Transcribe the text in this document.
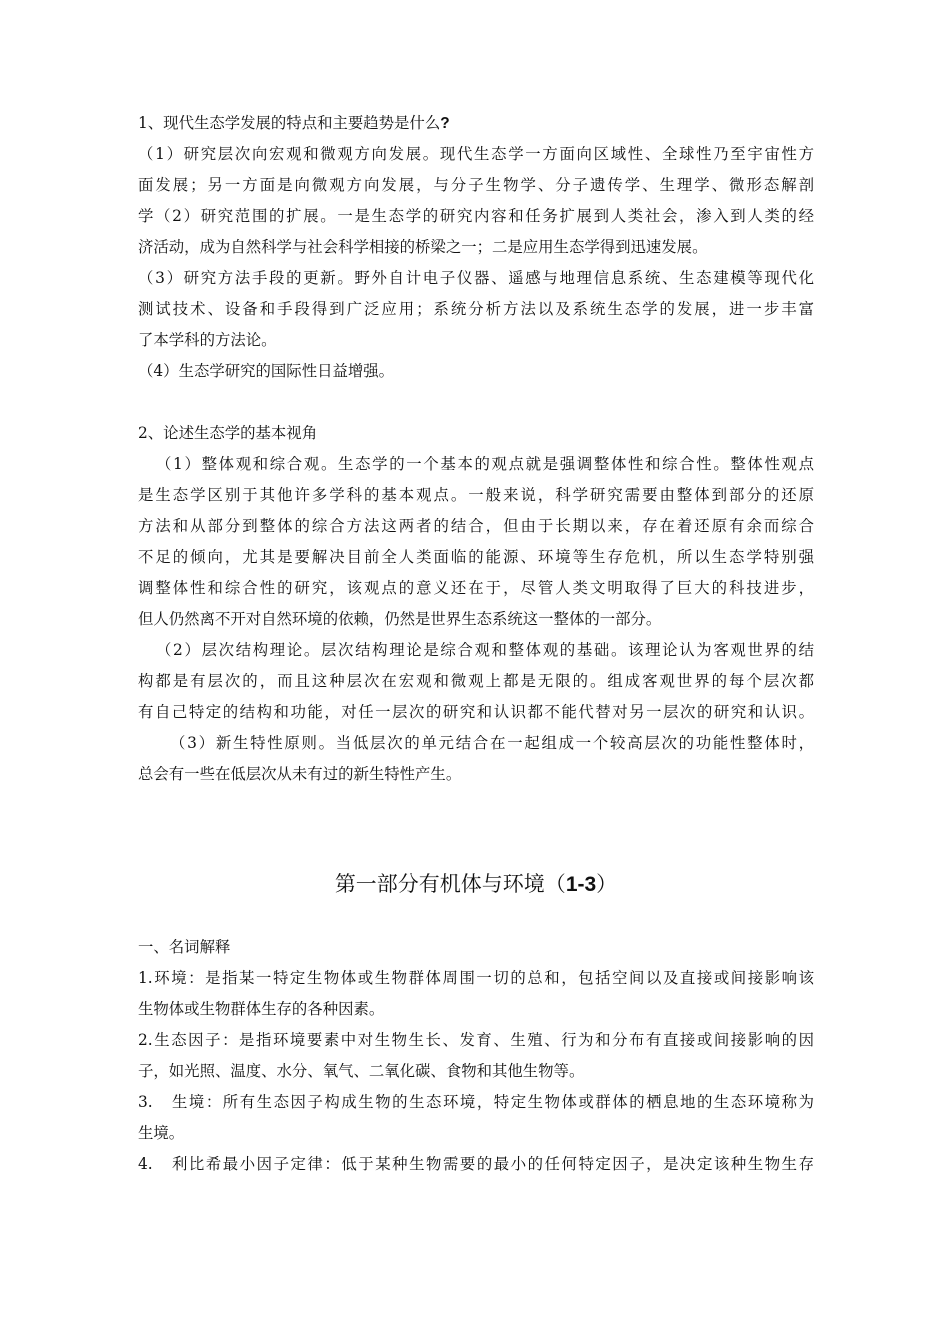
1、现代生态学发展的特点和主要趋势是什么?
（1）研究层次向宏观和微观方向发展。现代生态学一方面向区域性、全球性乃至宇宙性方
面发展；另一方面是向微观方向发展，与分子生物学、分子遗传学、生理学、微形态解剖
学（2）研究范围的扩展。一是生态学的研究内容和任务扩展到人类社会，渗入到人类的经
济活动，成为自然科学与社会科学相接的桥梁之一；二是应用生态学得到迅速发展。
（3）研究方法手段的更新。野外自计电子仪器、遥感与地理信息系统、生态建模等现代化
测试技术、设备和手段得到广泛应用；系统分析方法以及系统生态学的发展，进一步丰富
了本学科的方法论。
（4）生态学研究的国际性日益增强。
2、论述生态学的基本视角
（1）整体观和综合观。生态学的一个基本的观点就是强调整体性和综合性。整体性观点
是生态学区别于其他许多学科的基本观点。一般来说，科学研究需要由整体到部分的还原
方法和从部分到整体的综合方法这两者的结合，但由于长期以来，存在着还原有余而综合
不足的倾向，尤其是要解决目前全人类面临的能源、环境等生存危机，所以生态学特别强
调整体性和综合性的研究，该观点的意义还在于，尽管人类文明取得了巨大的科技进步，
但人仍然离不开对自然环境的依赖，仍然是世界生态系统这一整体的一部分。
（2）层次结构理论。层次结构理论是综合观和整体观的基础。该理论认为客观世界的结
构都是有层次的，而且这种层次在宏观和微观上都是无限的。组成客观世界的每个层次都
有自己特定的结构和功能，对任一层次的研究和认识都不能代替对另一层次的研究和认识。
（3）新生特性原则。当低层次的单元结合在一起组成一个较高层次的功能性整体时，
总会有一些在低层次从未有过的新生特性产生。
第一部分有机体与环境（1-3）
一、名词解释
1.环境：是指某一特定生物体或生物群体周围一切的总和，包括空间以及直接或间接影响该
生物体或生物群体生存的各种因素。
2.生态因子：是指环境要素中对生物生长、发育、生殖、行为和分布有直接或间接影响的因
子，如光照、温度、水分、氧气、二氧化碳、食物和其他生物等。
3.   生境：所有生态因子构成生物的生态环境，特定生物体或群体的栖息地的生态环境称为
生境。
4.   利比希最小因子定律：低于某种生物需要的最小的任何特定因子，是决定该种生物生存
